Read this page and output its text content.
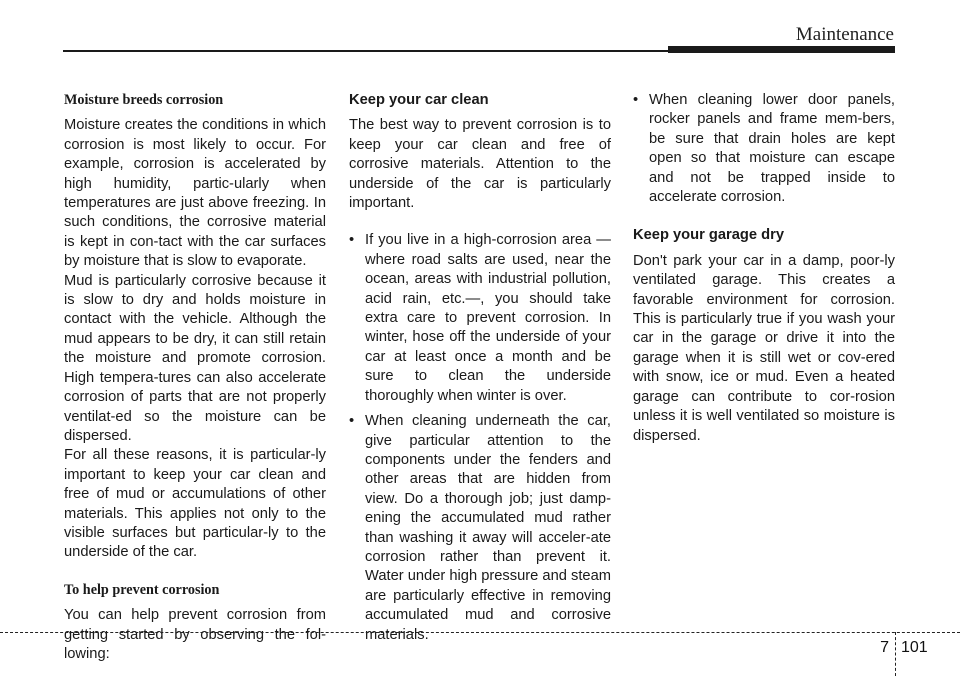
Maintenance
Moisture breeds corrosion

Moisture creates the conditions in which corrosion is most likely to occur. For example, corrosion is accelerated by high humidity, partic-ularly when temperatures are just above freezing. In such conditions, the corrosive material is kept in con-tact with the car surfaces by moisture that is slow to evaporate.

Mud is particularly corrosive because it is slow to dry and holds moisture in contact with the vehicle. Although the mud appears to be dry, it can still retain the moisture and promote corrosion. High tempera-tures can also accelerate corrosion of parts that are not properly ventilat-ed so the moisture can be dispersed.

For all these reasons, it is particular-ly important to keep your car clean and free of mud or accumulations of other materials. This applies not only to the visible surfaces but particular-ly to the underside of the car.

To help prevent corrosion

You can help prevent corrosion from getting started by observing the fol-lowing:

Keep your car clean

The best way to prevent corrosion is to keep your car clean and free of corrosive materials. Attention to the underside of the car is particularly important.

• If you live in a high-corrosion area — where road salts are used, near the ocean, areas with industrial pollution, acid rain, etc.—, you should take extra care to prevent corrosion. In winter, hose off the underside of your car at least once a month and be sure to clean the underside thoroughly when winter is over.
• When cleaning underneath the car, give particular attention to the components under the fenders and other areas that are hidden from view. Do a thorough job; just damp-ening the accumulated mud rather than washing it away will acceler-ate corrosion rather than prevent it. Water under high pressure and steam are particularly effective in removing accumulated mud and corrosive materials.
• When cleaning lower door panels, rocker panels and frame mem-bers, be sure that drain holes are kept open so that moisture can escape and not be trapped inside to accelerate corrosion.
Keep your garage dry

Don't park your car in a damp, poor-ly ventilated garage. This creates a favorable environment for corrosion. This is particularly true if you wash your car in the garage or drive it into the garage when it is still wet or cov-ered with snow, ice or mud. Even a heated garage can contribute to cor-rosion unless it is well ventilated so moisture is dispersed.

7 101
